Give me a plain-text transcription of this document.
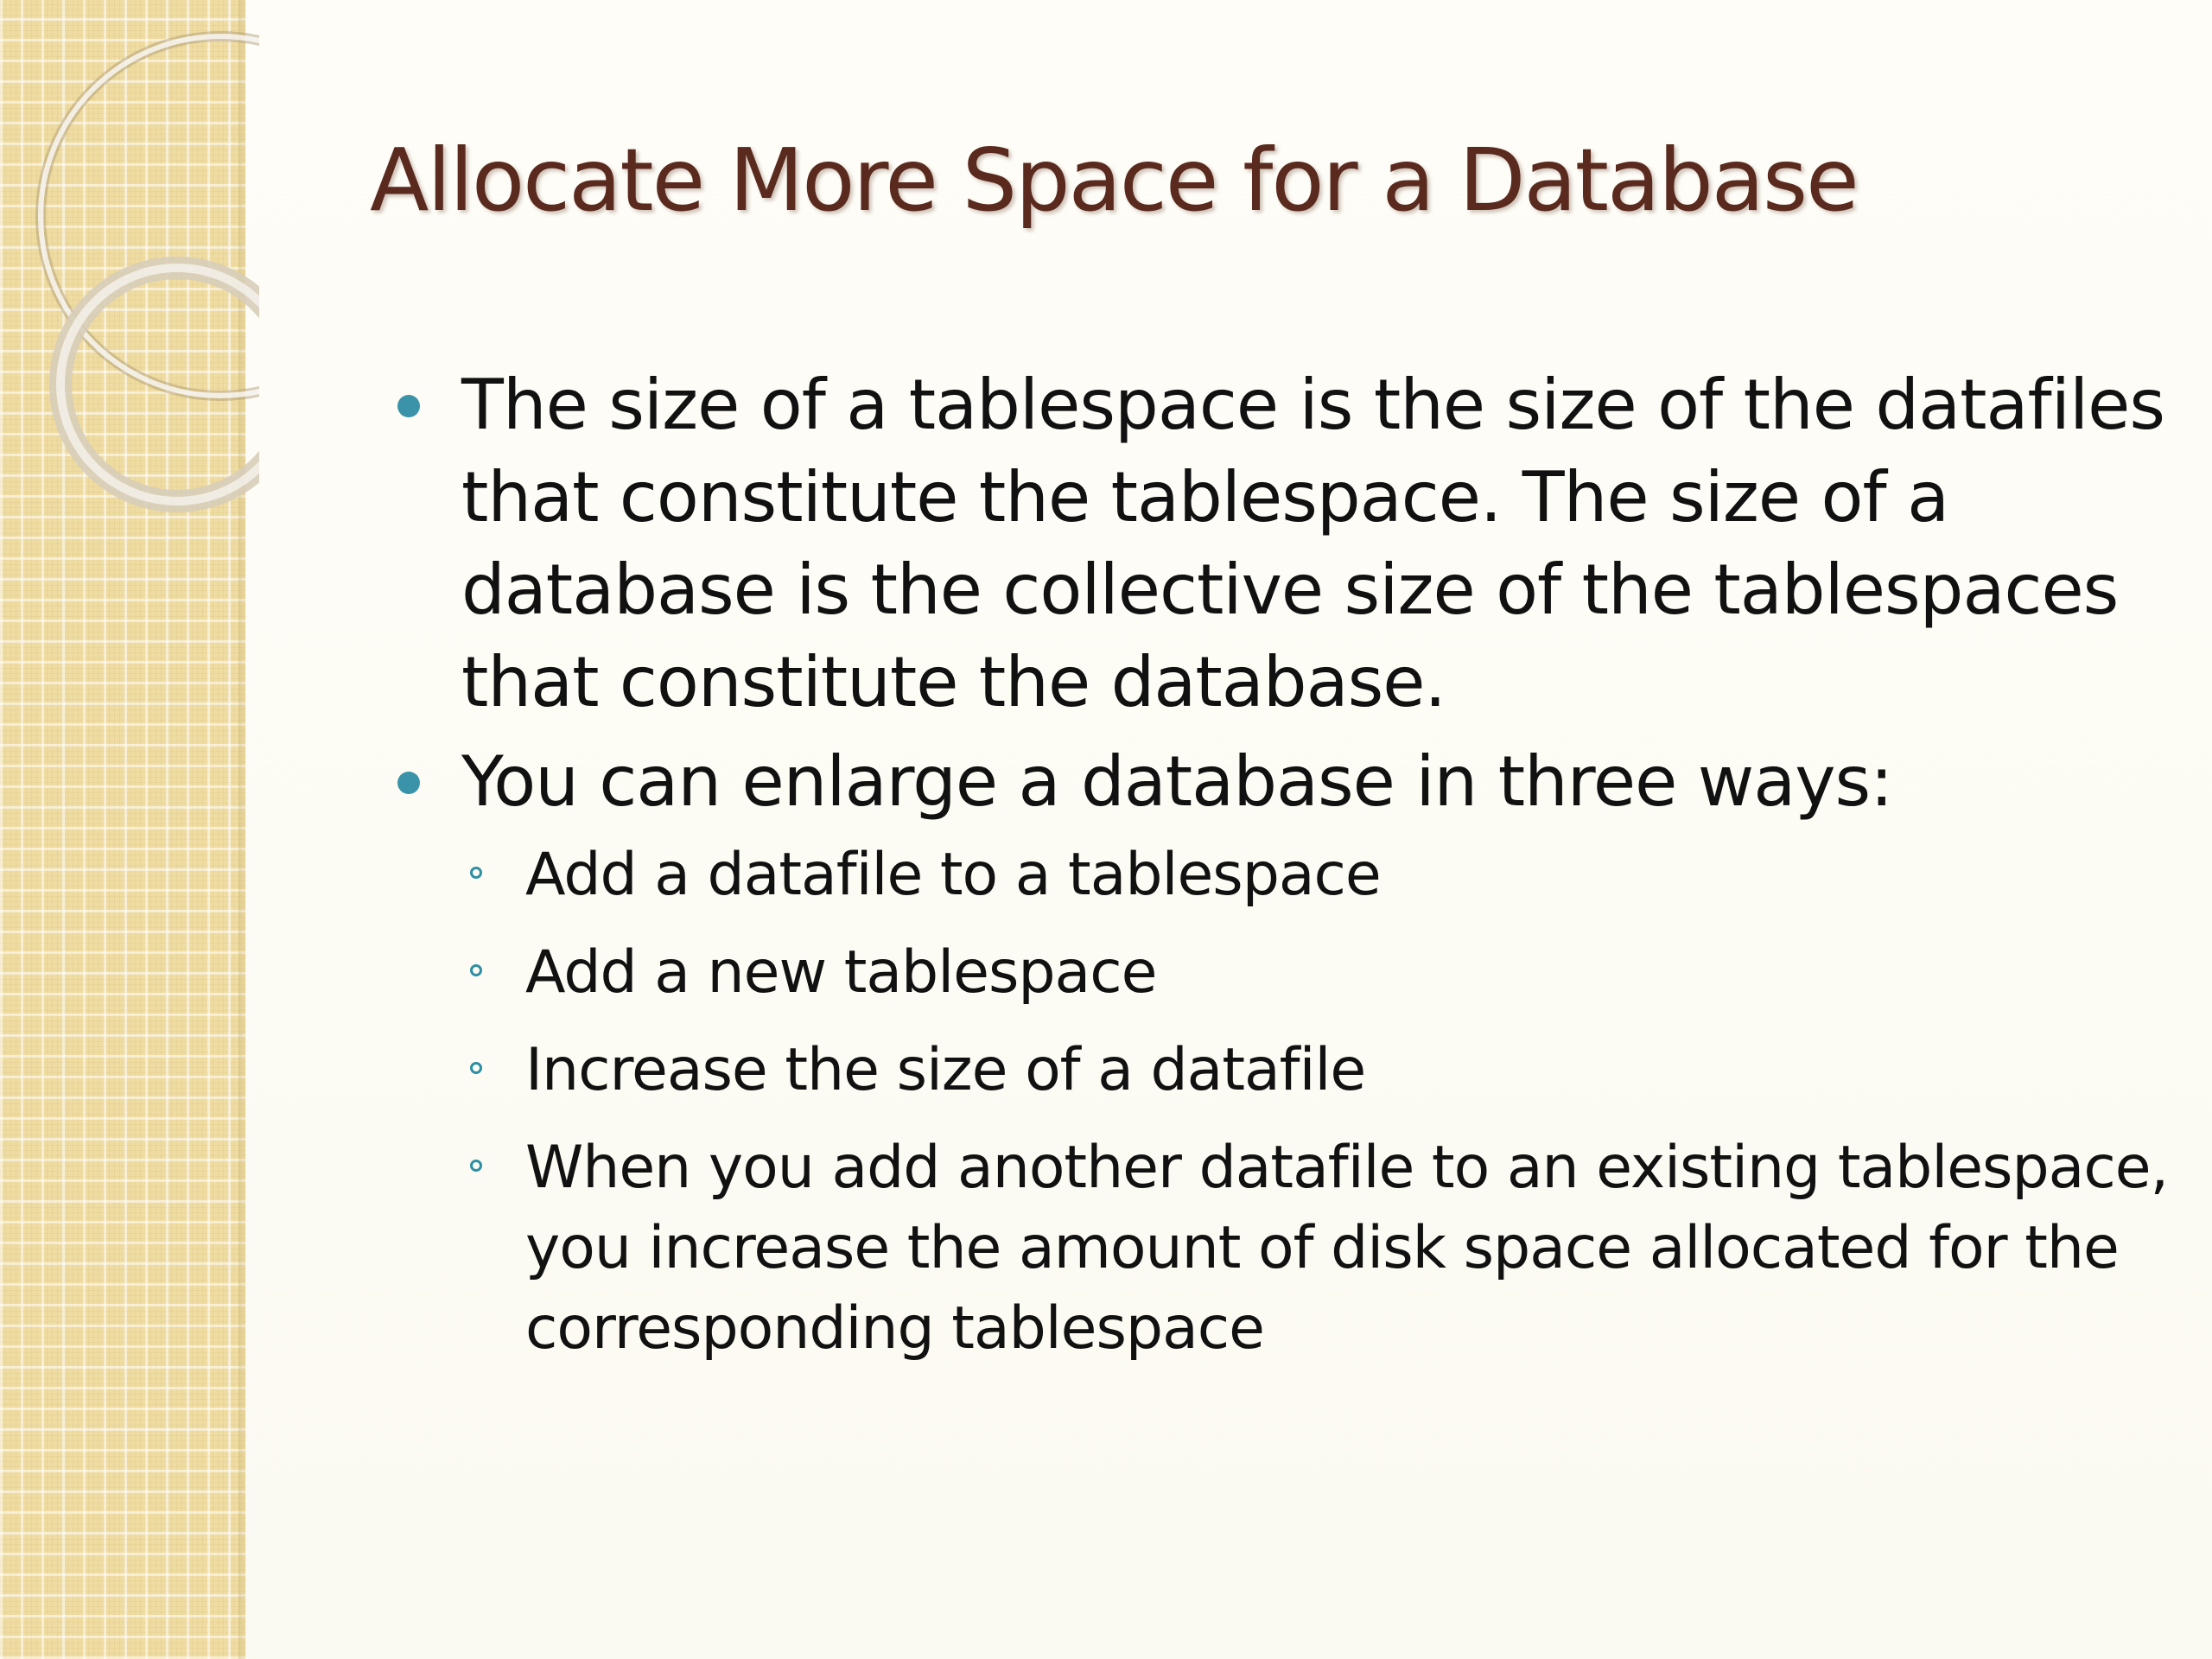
Allocate More Space for a Database
The size of a tablespace is the size of the datafiles that constitute the tablespace. The size of a database is the collective size of the tablespaces that constitute the database.
You can enlarge a database in three ways:
Add a datafile to a tablespace
Add a new tablespace
Increase the size of a datafile
When you add another datafile to an existing tablespace, you increase the amount of disk space allocated for the corresponding tablespace
